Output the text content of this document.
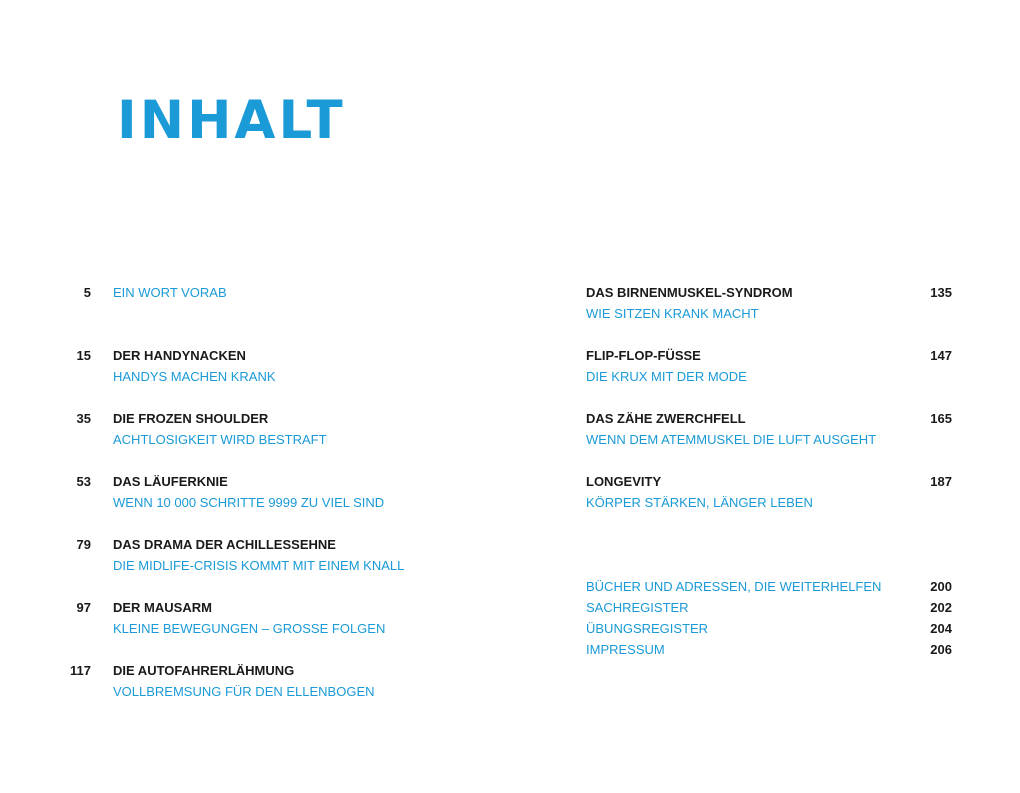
INHALT
5 EIN WORT VORAB
15 DER HANDYNACKEN
HANDYS MACHEN KRANK
35 DIE FROZEN SHOULDER
ACHTLOSIGKEIT WIRD BESTRAFT
53 DAS LÄUFERKNIE
WENN 10 000 SCHRITTE 9999 ZU VIEL SIND
79 DAS DRAMA DER ACHILLESSEHNE
DIE MIDLIFE-CRISIS KOMMT MIT EINEM KNALL
97 DER MAUSARM
KLEINE BEWEGUNGEN – GROSSE FOLGEN
117 DIE AUTOFAHRERLÄHMUNG
VOLLBREMSUNG FÜR DEN ELLENBOGEN
DAS BIRNENMUSKEL-SYNDROM	135
WIE SITZEN KRANK MACHT
FLIP-FLOP-FÜSSE	147
DIE KRUX MIT DER MODE
DAS ZÄHE ZWERCHFELL	165
WENN DEM ATEMMUSKEL DIE LUFT AUSGEHT
LONGEVITY	187
KÖRPER STÄRKEN, LÄNGER LEBEN
BÜCHER UND ADRESSEN, DIE WEITERHELFEN	200
SACHREGISTER	202
ÜBUNGSREGISTER	204
IMPRESSUM	206
